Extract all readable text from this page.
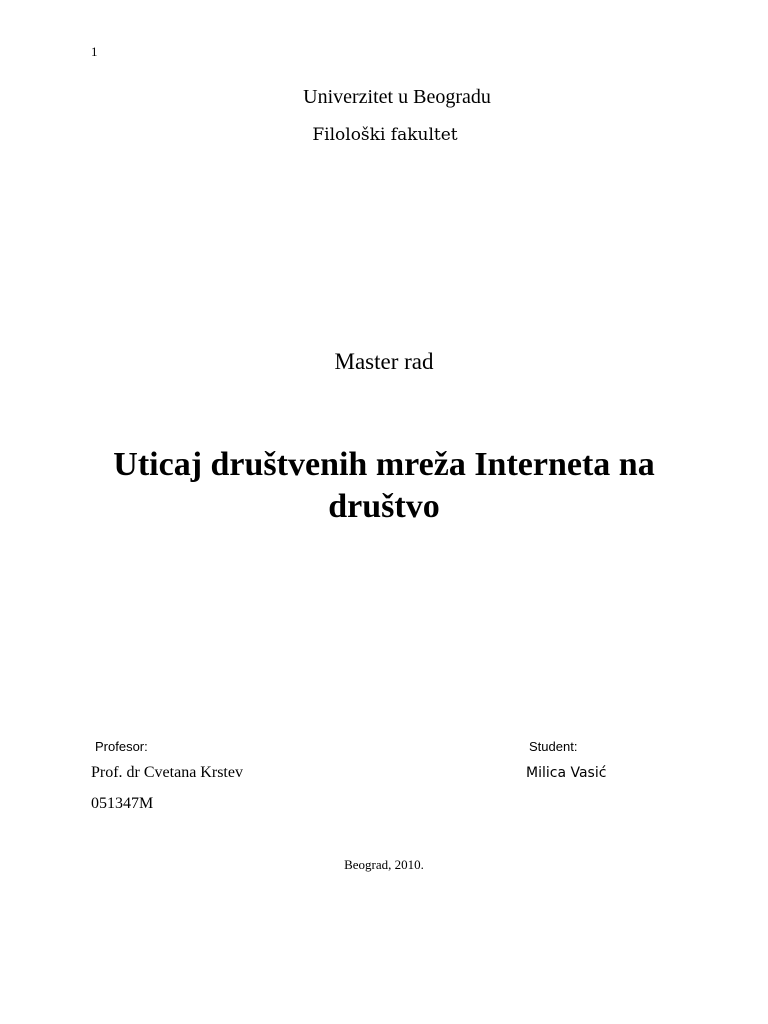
1
Univerzitet u Beogradu
Filološki fakultet
Master rad
Uticaj društvenih mreža Interneta na
društvo
Profesor:	Student:
Prof. dr Cvetana Krstev	Milica Vasić
051347M
Beograd, 2010.
